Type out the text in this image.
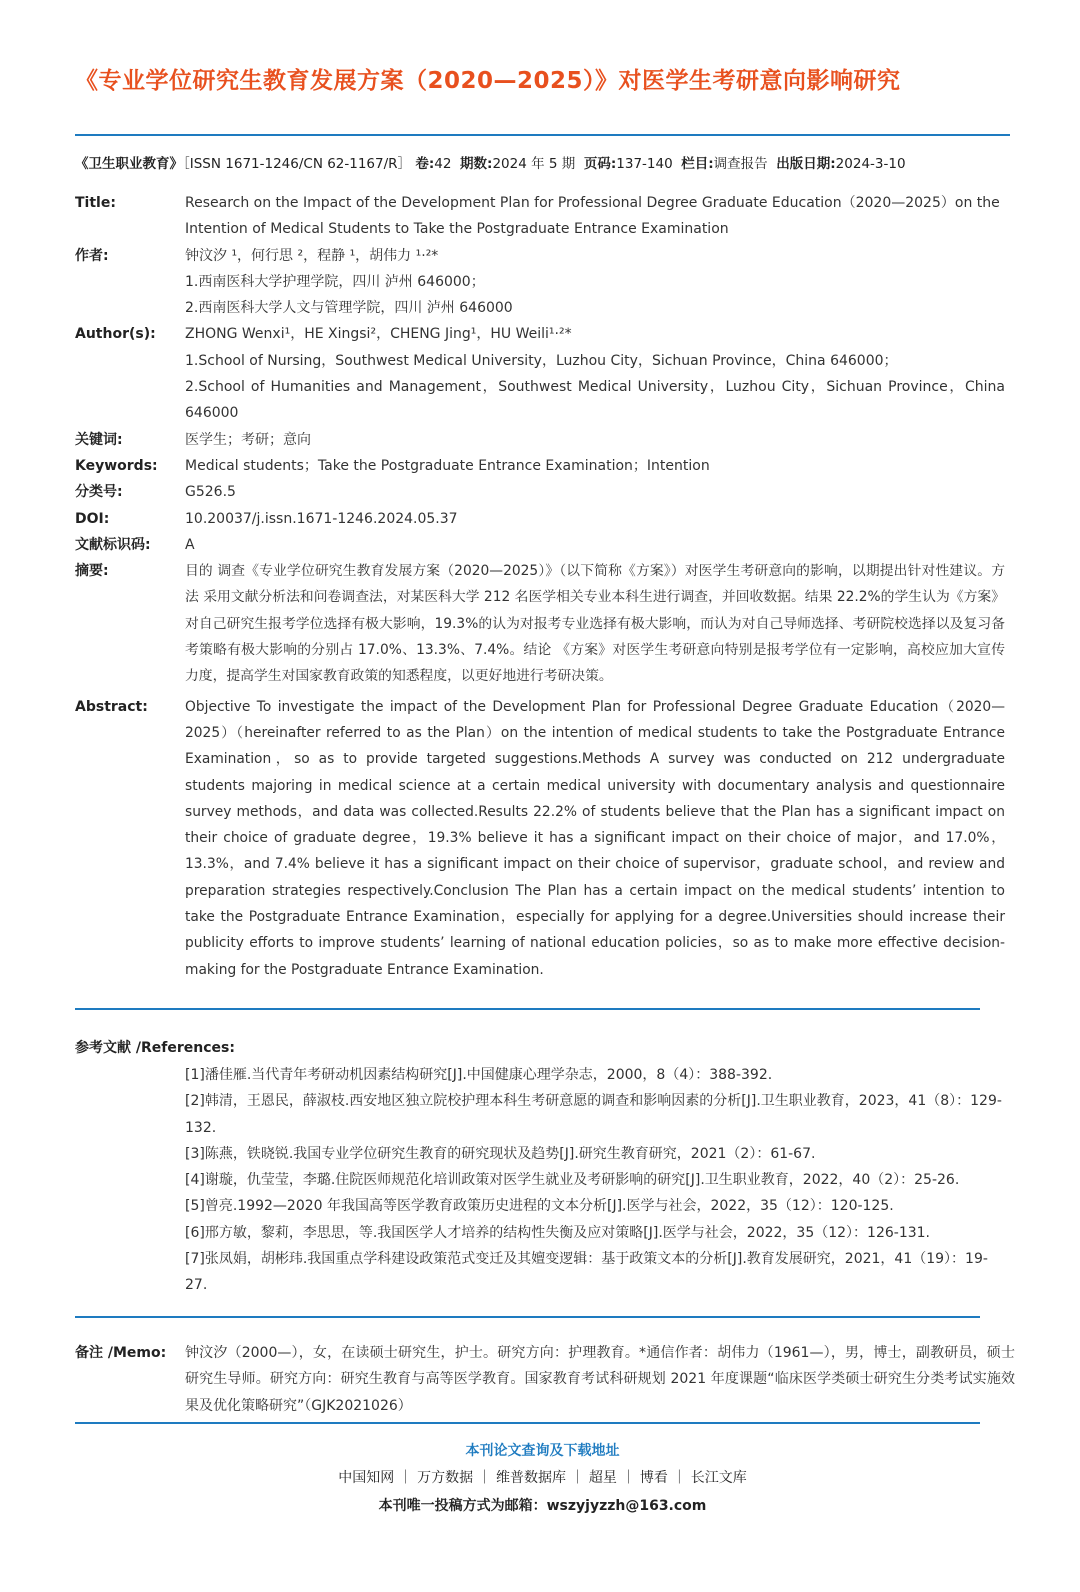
《专业学位研究生教育发展方案（2020—2025）》对医学生考研意向影响研究
《卫生职业教育》［ISSN 1671-1246/CN 62-1167/R］ 卷:42 期数:2024 年 5 期 页码:137-140 栏目:调查报告 出版日期:2024-3-10
Title:	Research on the Impact of the Development Plan for Professional Degree Graduate Education（2020—2025）on the
Intention of Medical Students to Take the Postgraduate Entrance Examination
作者:	钟汶汐 ¹，何行思 ²，程静 ¹，胡伟力 ¹·²*
1.西南医科大学护理学院，四川 泸州 646000；
2.西南医科大学人文与管理学院，四川 泸州 646000
Author(s):	ZHONG Wenxi¹，HE Xingsi²，CHENG Jing¹，HU Weili¹·²*
1.School of Nursing，Southwest Medical University，Luzhou City，Sichuan Province，China 646000；
2.School of Humanities and Management，Southwest Medical University，Luzhou City，Sichuan Province，China
646000
关键词:	医学生；考研；意向
Keywords:	Medical students；Take the Postgraduate Entrance Examination；Intention
分类号:	G526.5
DOI:	10.20037/j.issn.1671-1246.2024.05.37
文献标识码:	A
摘要:	目的 调查《专业学位研究生教育发展方案（2020—2025）》（以下简称《方案》）对医学生考研意向的影响，以期提出针对性建议。方法 采用文献分析法和问卷调查法，对某医科大学 212 名医学相关专业本科生进行调查，并回收数据。结果 22.2%的学生认为《方案》对自己研究生报考学位选择有极大影响，19.3%的认为对报考专业选择有极大影响，而认为对自己导师选择、考研院校选择以及复习备考策略有极大影响的分别占 17.0%、13.3%、7.4%。结论 《方案》对医学生考研意向特别是报考学位有一定影响，高校应加大宣传力度，提高学生对国家教育政策的知悉程度，以更好地进行考研决策。
Abstract:	Objective To investigate the impact of the Development Plan for Professional Degree Graduate Education（2020—2025）（hereinafter referred to as the Plan）on the intention of medical students to take the Postgraduate Entrance Examination，so as to provide targeted suggestions.Methods A survey was conducted on 212 undergraduate students majoring in medical science at a certain medical university with documentary analysis and questionnaire survey methods，and data was collected.Results 22.2% of students believe that the Plan has a significant impact on their choice of graduate degree，19.3% believe it has a significant impact on their choice of major，and 17.0%，13.3%，and 7.4% believe it has a significant impact on their choice of supervisor，graduate school，and review and preparation strategies respectively.Conclusion The Plan has a certain impact on the medical students’ intention to take the Postgraduate Entrance Examination，especially for applying for a degree.Universities should increase their publicity efforts to improve students’ learning of national education policies，so as to make more effective decision-making for the Postgraduate Entrance Examination.
参考文献 /References:
[1]潘佳雁.当代青年考研动机因素结构研究[J].中国健康心理学杂志，2000，8（4）：388-392.
[2]韩清，王恩民，薛淑枝.西安地区独立院校护理本科生考研意愿的调查和影响因素的分析[J].卫生职业教育，2023，41（8）：129-132.
[3]陈燕，铁晓锐.我国专业学位研究生教育的研究现状及趋势[J].研究生教育研究，2021（2）：61-67.
[4]谢璇，仇莹莹，李璐.住院医师规范化培训政策对医学生就业及考研影响的研究[J].卫生职业教育，2022，40（2）：25-26.
[5]曾亮.1992—2020 年我国高等医学教育政策历史进程的文本分析[J].医学与社会，2022，35（12）：120-125.
[6]邢方敏，黎莉，李思思，等.我国医学人才培养的结构性失衡及应对策略[J].医学与社会，2022，35（12）：126-131.
[7]张凤娟，胡彬玮.我国重点学科建设政策范式变迁及其嬗变逻辑：基于政策文本的分析[J].教育发展研究，2021，41（19）：19-27.
备注 /Memo:	钟汶汐（2000—），女，在读硕士研究生，护士。研究方向：护理教育。*通信作者：胡伟力（1961—），男，博士，副教研员，硕士研究生导师。研究方向：研究生教育与高等医学教育。国家教育考试科研规划 2021 年度课题“临床医学类硕士研究生分类考试实施效果及优化策略研究”（GJK2021026）
本刊论文查询及下载地址
中国知网 ｜ 万方数据 ｜ 维普数据库 ｜ 超星 ｜ 博看 ｜ 长江文库
本刊唯一投稿方式为邮箱：wszyjyzzh@163.com
